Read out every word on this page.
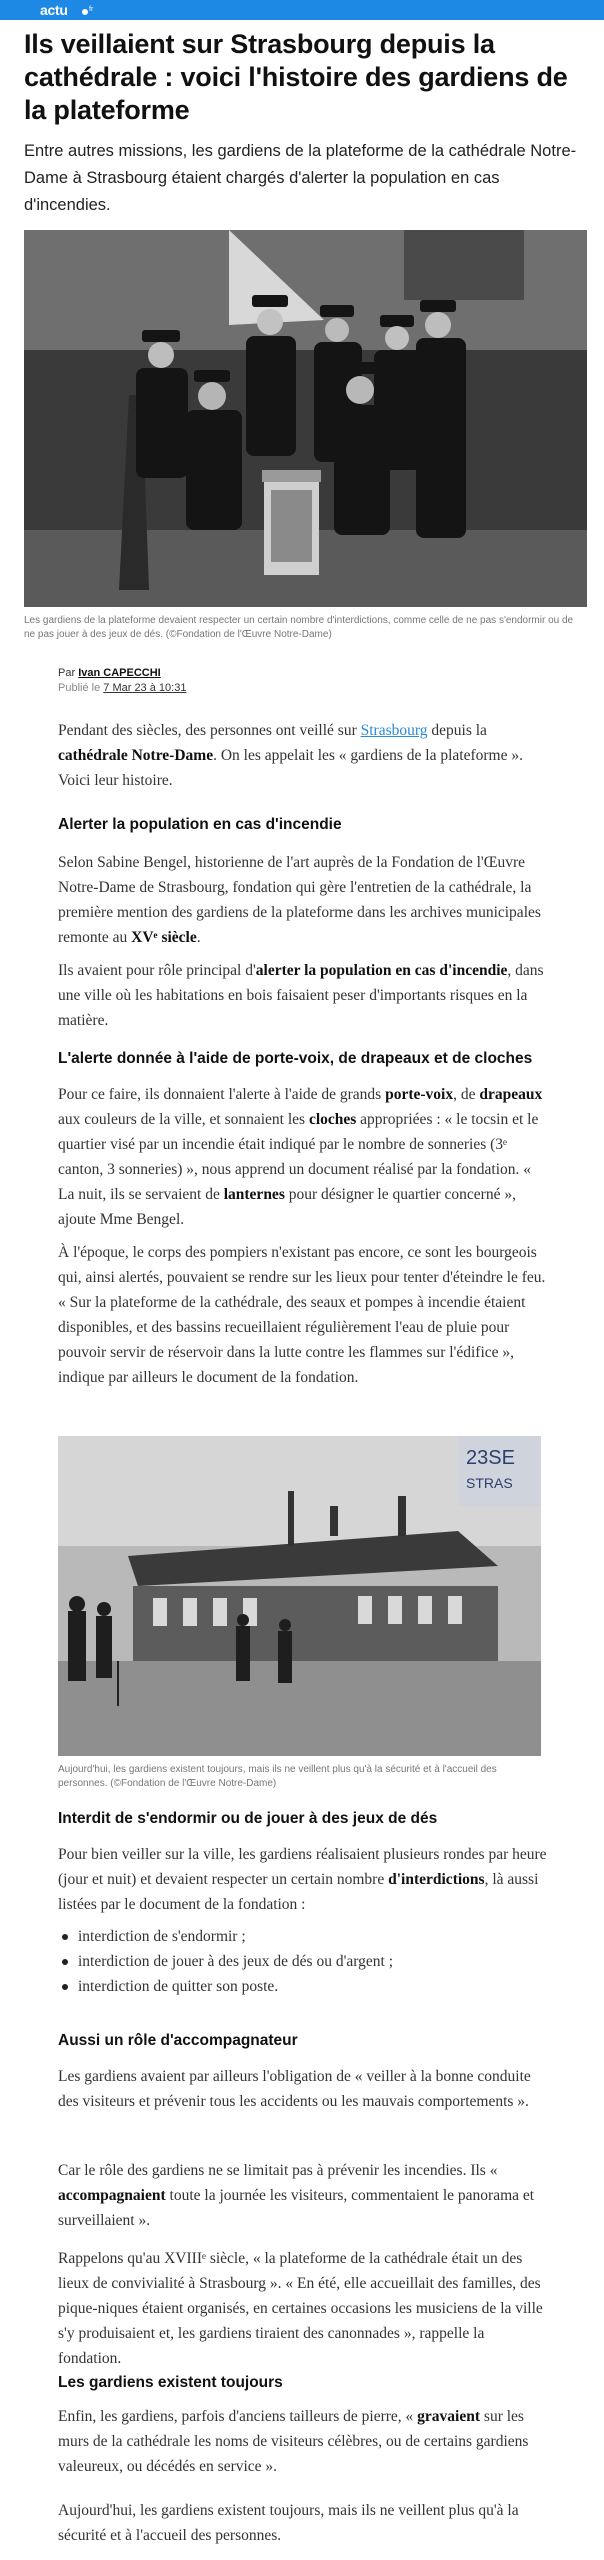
actu	fr
Ils veillaient sur Strasbourg depuis la cathédrale : voici l'histoire des gardiens de la plateforme

Entre autres missions, les gardiens de la plateforme de la cathédrale Notre-Dame à Strasbourg étaient chargés d'alerter la population en cas d'incendies.

Les gardiens de la plateforme devaient respecter un certain nombre d'interdictions, comme celle de ne pas s'endormir ou de ne pas jouer à des jeux de dés. (©Fondation de l'Œuvre Notre-Dame)

Par Ivan CAPECCHI
Publié le 7 Mar 23 à 10:31

Pendant des siècles, des personnes ont veillé sur Strasbourg depuis la cathédrale Notre-Dame. On les appelait les « gardiens de la plateforme ». Voici leur histoire.

Alerter la population en cas d'incendie

Selon Sabine Bengel, historienne de l'art auprès de la Fondation de l'Œuvre Notre-Dame de Strasbourg, fondation qui gère l'entretien de la cathédrale, la première mention des gardiens de la plateforme dans les archives municipales remonte au XVᵉ siècle.

Ils avaient pour rôle principal d'alerter la population en cas d'incendie, dans une ville où les habitations en bois faisaient peser d'importants risques en la matière.

L'alerte donnée à l'aide de porte-voix, de drapeaux et de cloches

Pour ce faire, ils donnaient l'alerte à l'aide de grands porte-voix, de drapeaux aux couleurs de la ville, et sonnaient les cloches appropriées : « le tocsin et le quartier visé par un incendie était indiqué par le nombre de sonneries (3ᵉ canton, 3 sonneries) », nous apprend un document réalisé par la fondation. « La nuit, ils se servaient de lanternes pour désigner le quartier concerné », ajoute Mme Bengel.

À l'époque, le corps des pompiers n'existant pas encore, ce sont les bourgeois qui, ainsi alertés, pouvaient se rendre sur les lieux pour tenter d'éteindre le feu. « Sur la plateforme de la cathédrale, des seaux et pompes à incendie étaient disponibles, et des bassins recueillaient régulièrement l'eau de pluie pour pouvoir servir de réservoir dans la lutte contre les flammes sur l'édifice », indique par ailleurs le document de la fondation.

23SE
STRAS

Aujourd'hui, les gardiens existent toujours, mais ils ne veillent plus qu'à la sécurité et à l'accueil des personnes. (©Fondation de l'Œuvre Notre-Dame)

Interdit de s'endormir ou de jouer à des jeux de dés

Pour bien veiller sur la ville, les gardiens réalisaient plusieurs rondes par heure (jour et nuit) et devaient respecter un certain nombre d'interdictions, là aussi listées par le document de la fondation :

interdiction de s'endormir ;
interdiction de jouer à des jeux de dés ou d'argent ;
interdiction de quitter son poste.
Aussi un rôle d'accompagnateur

Les gardiens avaient par ailleurs l'obligation de « veiller à la bonne conduite des visiteurs et prévenir tous les accidents ou les mauvais comportements ».

Car le rôle des gardiens ne se limitait pas à prévenir les incendies. Ils « accompagnaient toute la journée les visiteurs, commentaient le panorama et surveillaient ».

Rappelons qu'au XVIIIᵉ siècle, « la plateforme de la cathédrale était un des lieux de convivialité à Strasbourg ». « En été, elle accueillait des familles, des pique-niques étaient organisés, en certaines occasions les musiciens de la ville s'y produisaient et, les gardiens tiraient des canonnades », rappelle la fondation.

Les gardiens existent toujours

Enfin, les gardiens, parfois d'anciens tailleurs de pierre, « gravaient sur les murs de la cathédrale les noms de visiteurs célèbres, ou de certains gardiens valeureux, ou décédés en service ».

Aujourd'hui, les gardiens existent toujours, mais ils ne veillent plus qu'à la sécurité et à l'accueil des personnes.
